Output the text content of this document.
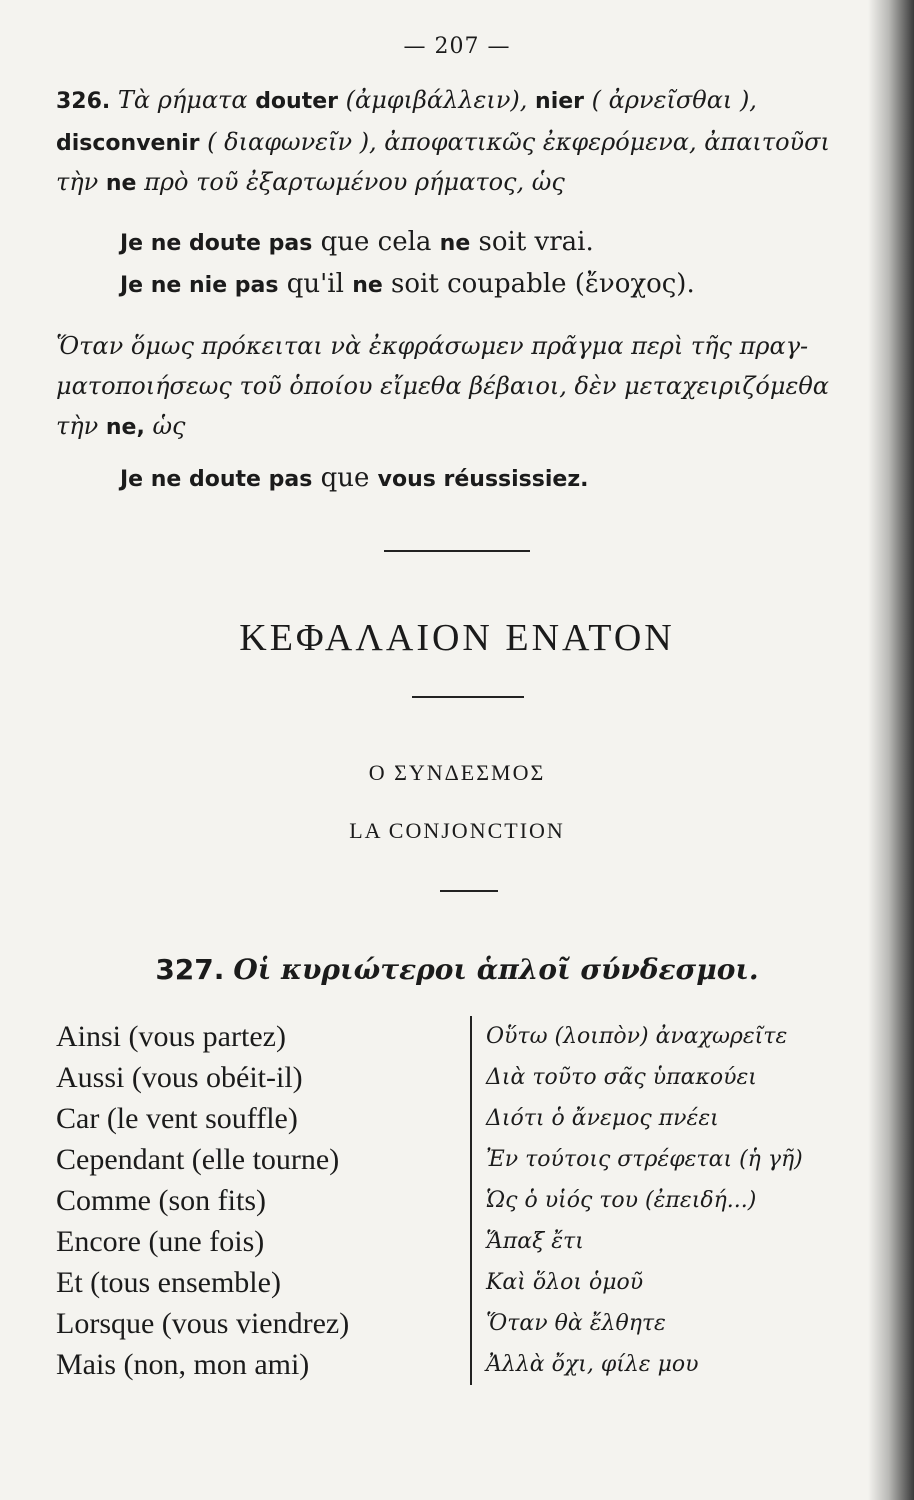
— 207 —
326. Τὰ ρήματα douter (ἀμφιβάλλειν), nier ( ἀρνεῖσθαι ),
disconvenir ( διαφωνεῖν ), ἀποφατικῶς ἐκφερόμενα, ἀπαιτοῦσι
τὴν ne πρὸ τοῦ ἐξαρτωμένου ρήματος, ὡς
Je ne doute pas que cela ne soit vrai.
Je ne nie pas qu'il ne soit coupable (ἔνοχος).
Ὅταν ὅμως πρόκειται νὰ ἐκφράσωμεν πρᾶγμα περὶ τῆς πραγ-
ματοποιήσεως τοῦ ὁποίου εἴμεθα βέβαιοι, δὲν μεταχειριζόμεθα
τὴν ne, ὡς
Je ne doute pas que vous réussissiez.
ΚΕΦΑΛΑΙΟΝ ΕΝΑΤΟΝ
Ο ΣΥΝΔΕΣΜΟΣ
LA CONJONCTION
327. Οἱ κυριώτεροι ἁπλοῖ σύνδεσμοι.
Ainsi (vous partez)	Οὕτω (λοιπὸν) ἀναχωρεῖτε
Aussi (vous obéit-il)	Διὰ τοῦτο σᾶς ὑπακούει
Car (le vent souffle)	Διότι ὁ ἄνεμος πνέει
Cependant (elle tourne)	Ἐν τούτοις στρέφεται (ἡ γῆ)
Comme (son fits)	Ὡς ὁ υἱός του (ἐπειδή...)
Encore (une fois)	Ἅπαξ ἔτι
Et (tous ensemble)	Καὶ ὅλοι ὁμοῦ
Lorsque (vous viendrez)	Ὅταν θὰ ἔλθητε
Mais (non, mon ami)	Ἀλλὰ ὄχι, φίλε μου
